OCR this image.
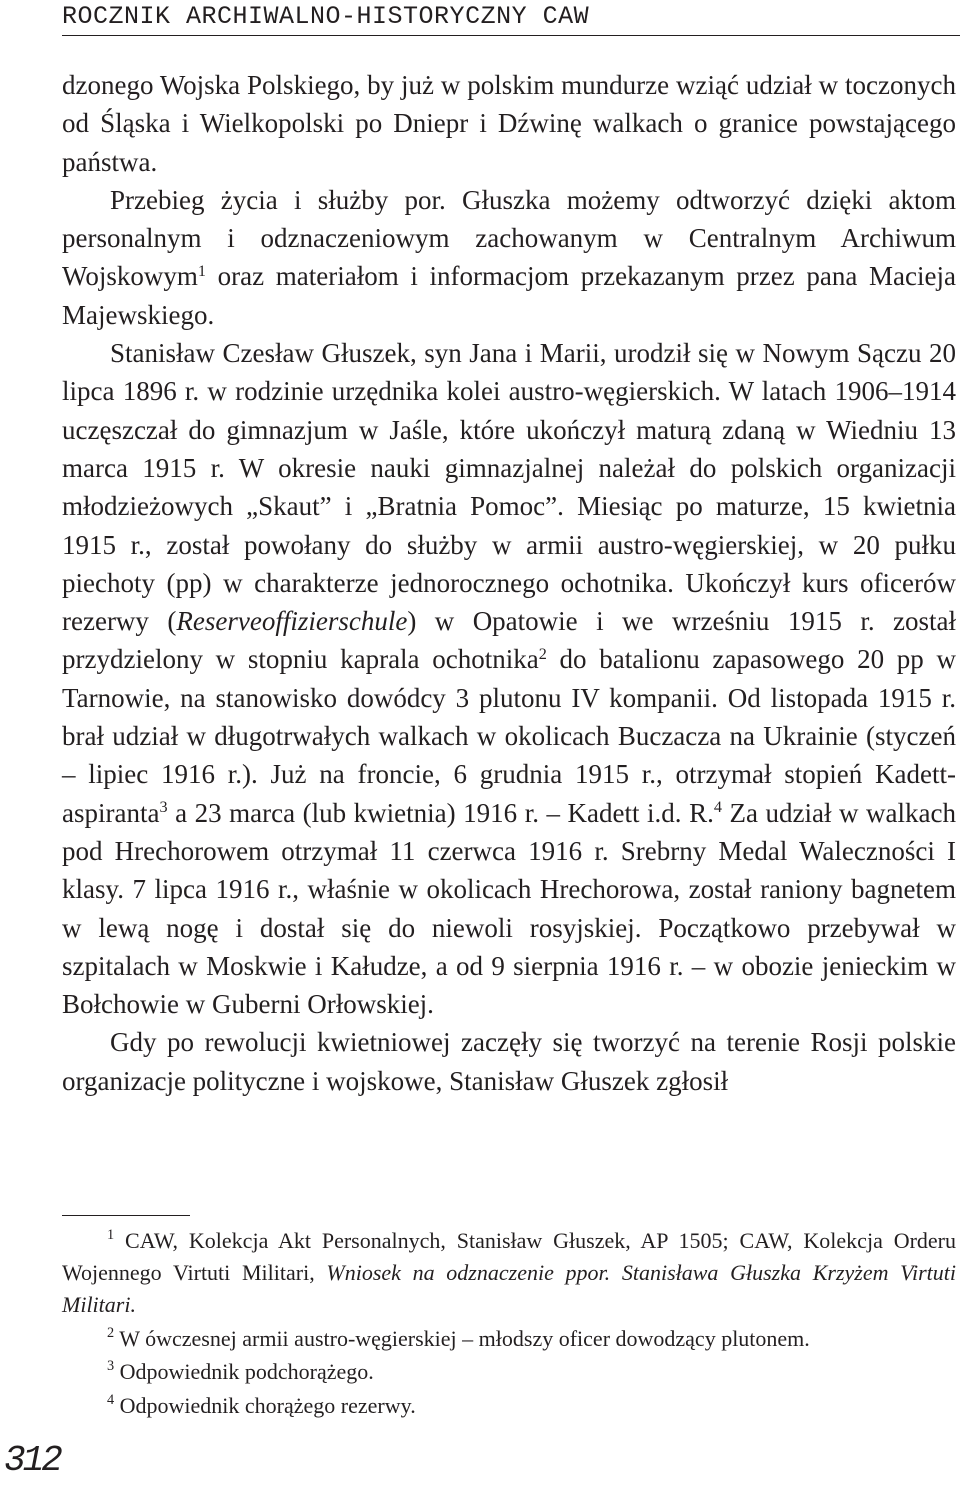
ROCZNIK ARCHIWALNO-HISTORYCZNY CAW

dzonego Wojska Polskiego, by już w polskim mundurze wziąć udział w toczonych od Śląska i Wielkopolski po Dniepr i Dźwinę walkach o granice powstającego państwa.

Przebieg życia i służby por. Głuszka możemy odtworzyć dzięki aktom personalnym i odznaczeniowym zachowanym w Centralnym Archiwum Wojskowym$^1$ oraz materiałom i informacjom przekazanym przez pana Macieja Majewskiego.

Stanisław Czesław Głuszek, syn Jana i Marii, urodził się w Nowym Sączu 20 lipca 1896 r. w rodzinie urzędnika kolei austro-węgierskich. W latach 1906–1914 uczęszczał do gimnazjum w Jaśle, które ukończył maturą zdaną w Wiedniu 13 marca 1915 r. W okresie nauki gimnazjalnej należał do polskich organizacji młodzieżowych „Skaut” i „Bratnia Pomoc”. Miesiąc po maturze, 15 kwietnia 1915 r., został powołany do służby w armii austro-węgierskiej, w 20 pułku piechoty (pp) w charakterze jednorocznego ochotnika. Ukończył kurs oficerów rezerwy (Reserveoffizierschule) w Opatowie i we wrześniu 1915 r. został przydzielony w stopniu kaprala ochotnika$^2$ do batalionu zapasowego 20 pp w Tarnowie, na stanowisko dowódcy 3 plutonu IV kompanii. Od listopada 1915 r. brał udział w długotrwałych walkach w okolicach Buczacza na Ukrainie (styczeń – lipiec 1916 r.). Już na froncie, 6 grudnia 1915 r., otrzymał stopień Kadett-aspiranta$^3$ a 23 marca (lub kwietnia) 1916 r. – Kadett i.d. R.$^4$ Za udział w walkach pod Hrechorowem otrzymał 11 czerwca 1916 r. Srebrny Medal Waleczności I klasy. 7 lipca 1916 r., właśnie w okolicach Hrechorowa, został raniony bagnetem w lewą nogę i dostał się do niewoli rosyjskiej. Początkowo przebywał w szpitalach w Moskwie i Kałudze, a od 9 sierpnia 1916 r. – w obozie jenieckim w Bołchowie w Guberni Orłowskiej.

Gdy po rewolucji kwietniowej zaczęły się tworzyć na terenie Rosji polskie organizacje polityczne i wojskowe, Stanisław Głuszek zgłosił

$^1$ CAW, Kolekcja Akt Personalnych, Stanisław Głuszek, AP 1505; CAW, Kolekcja Orderu Wojennego Virtuti Militari, Wniosek na odznaczenie ppor. Stanisława Głuszka Krzyżem Virtuti Militari.

$^2$ W ówczesnej armii austro-węgierskiej – młodszy oficer dowodzący plutonem.

$^3$ Odpowiednik podchorążego.

$^4$ Odpowiednik chorążego rezerwy.

312
